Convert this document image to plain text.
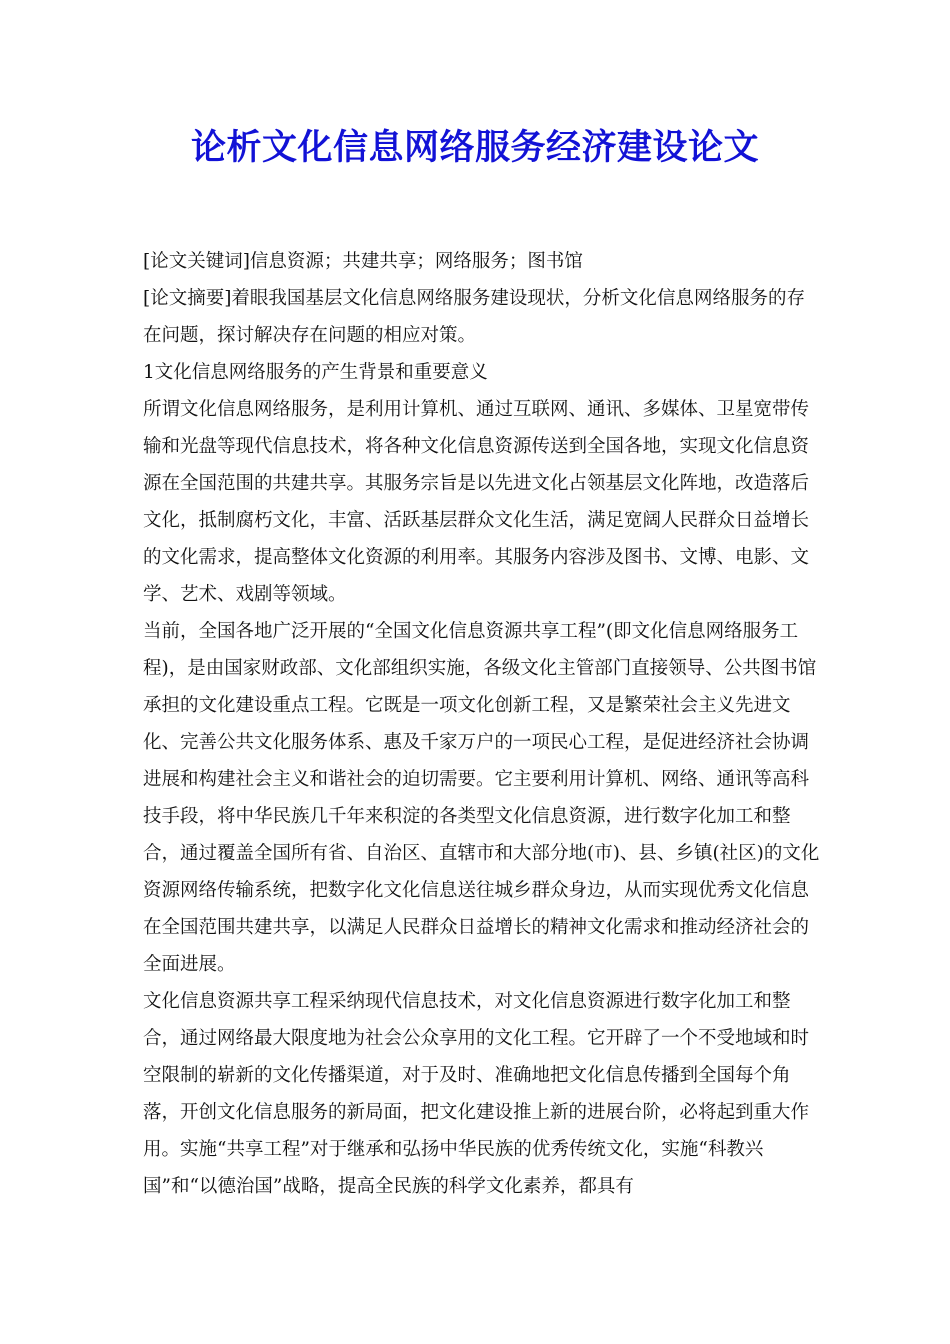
论析文化信息网络服务经济建设论文

[论文关键词]信息资源；共建共享；网络服务；图书馆

[论文摘要]着眼我国基层文化信息网络服务建设现状，分析文化信息网络服务的存在问题，探讨解决存在问题的相应对策。

1文化信息网络服务的产生背景和重要意义

所谓文化信息网络服务，是利用计算机、通过互联网、通讯、多媒体、卫星宽带传输和光盘等现代信息技术，将各种文化信息资源传送到全国各地，实现文化信息资源在全国范围的共建共享。其服务宗旨是以先进文化占领基层文化阵地，改造落后文化，抵制腐朽文化，丰富、活跃基层群众文化生活，满足宽阔人民群众日益增长的文化需求，提高整体文化资源的利用率。其服务内容涉及图书、文博、电影、文学、艺术、戏剧等领域。

当前，全国各地广泛开展的“全国文化信息资源共享工程”(即文化信息网络服务工程)，是由国家财政部、文化部组织实施，各级文化主管部门直接领导、公共图书馆承担的文化建设重点工程。它既是一项文化创新工程，又是繁荣社会主义先进文化、完善公共文化服务体系、惠及千家万户的一项民心工程，是促进经济社会协调进展和构建社会主义和谐社会的迫切需要。它主要利用计算机、网络、通讯等高科技手段，将中华民族几千年来积淀的各类型文化信息资源，进行数字化加工和整合，通过覆盖全国所有省、自治区、直辖市和大部分地(市)、县、乡镇(社区)的文化资源网络传输系统，把数字化文化信息送往城乡群众身边，从而实现优秀文化信息在全国范围共建共享，以满足人民群众日益增长的精神文化需求和推动经济社会的全面进展。

文化信息资源共享工程采纳现代信息技术，对文化信息资源进行数字化加工和整合，通过网络最大限度地为社会公众享用的文化工程。它开辟了一个不受地域和时空限制的崭新的文化传播渠道，对于及时、准确地把文化信息传播到全国每个角落，开创文化信息服务的新局面，把文化建设推上新的进展台阶，必将起到重大作用。实施“共享工程”对于继承和弘扬中华民族的优秀传统文化，实施“科教兴国”和“以德治国”战略，提高全民族的科学文化素养，都具有
